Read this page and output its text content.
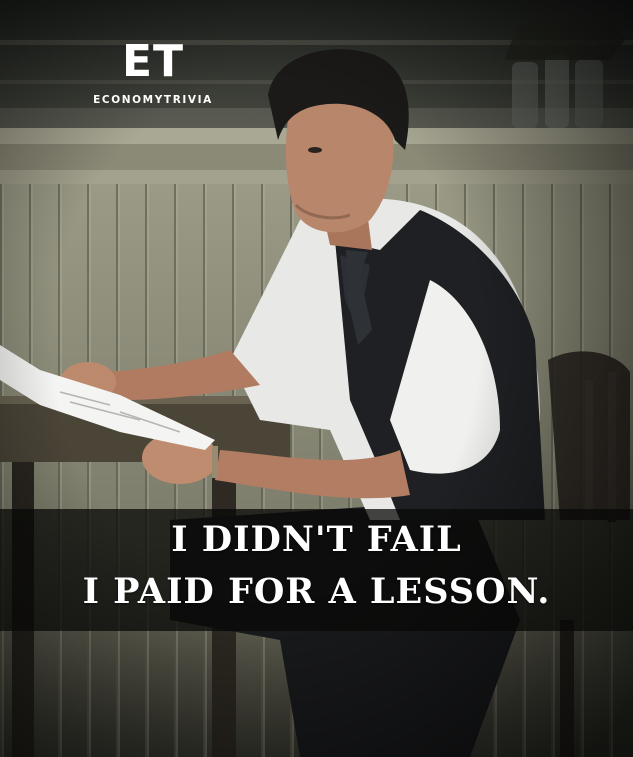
ET
ECONOMYTRIVIA
I DIDN'T FAIL
I PAID FOR A LESSON.
